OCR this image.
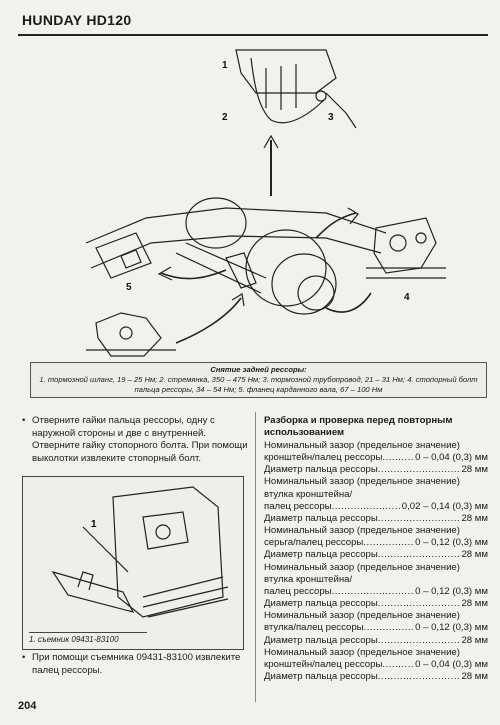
HUNDAY HD120
1
2	3
4
5
Снятие задней рессоры:
1. тормозной шланг, 19 – 25 Нм; 2. стремянка, 350 – 475 Нм; 3. тормозной трубопровод, 21 – 31 Нм; 4. стопорный болт
пальца рессоры, 34 – 54 Нм; 5. фланец карданного вала, 67 – 100 Нм

• Отверните гайки пальца рессоры, одну с наружной стороны и две с внутренней. Отверните гайку стопорного болта. При помощи выколотки извлеките стопорный болт.

1
1. съемник 09431-83100

• При помощи съемника 09431-83100 извлеките палец рессоры.

Разборка и проверка перед повторным использованием

Номинальный зазор (предельное значение)
кронштейн/палец рессоры .....	0 – 0,04 (0,3) мм
Диаметр пальца рессоры .....	28 мм
Номинальный зазор (предельное значение)
втулка кронштейна/
палец рессоры .....	0,02 – 0,14 (0,3) мм
Диаметр пальца рессоры .....	28 мм
Номинальный зазор (предельное значение)
серьга/палец рессоры .....	0 – 0,12 (0,3) мм
Диаметр пальца рессоры .....	28 мм
Номинальный зазор (предельное значение)
втулка кронштейна/
палец рессоры .....	0 – 0,12 (0,3) мм
Диаметр пальца рессоры .....	28 мм
Номинальный зазор (предельное значение)
втулка/палец рессоры .....	0 – 0,12 (0,3) мм
Диаметр пальца рессоры .....	28 мм
Номинальный зазор (предельное значение)
кронштейн/палец рессоры .....	0 – 0,04 (0,3) мм
Диаметр пальца рессоры .....	28 мм
204
